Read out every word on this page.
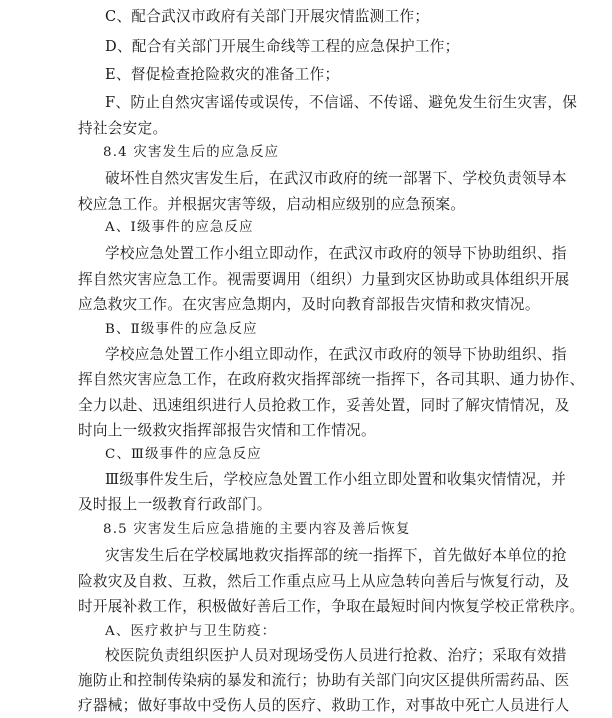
C、配合武汉市政府有关部门开展灾情监测工作；
D、配合有关部门开展生命线等工程的应急保护工作；
E、督促检查抢险救灾的准备工作；
F、防止自然灾害谣传或误传，不信谣、不传谣、避免发生衍生灾害，保
持社会安定。
8.4 灾害发生后的应急反应
破坏性自然灾害发生后，在武汉市政府的统一部署下、学校负责领导本
校应急工作。并根据灾害等级，启动相应级别的应急预案。
A、I级事件的应急反应
学校应急处置工作小组立即动作，在武汉市政府的领导下协助组织、指
挥自然灾害应急工作。视需要调用（组织）力量到灾区协助或具体组织开展
应急救灾工作。在灾害应急期内，及时向教育部报告灾情和救灾情况。
B、Ⅱ级事件的应急反应
学校应急处置工作小组立即动作，在武汉市政府的领导下协助组织、指
挥自然灾害应急工作，在政府救灾指挥部统一指挥下，各司其职、通力协作、
全力以赴、迅速组织进行人员抢救工作，妥善处置，同时了解灾情情况，及
时向上一级救灾指挥部报告灾情和工作情况。
C、Ⅲ级事件的应急反应
Ⅲ级事件发生后，学校应急处置工作小组立即处置和收集灾情情况，并
及时报上一级教育行政部门。
8.5 灾害发生后应急措施的主要内容及善后恢复
灾害发生后在学校属地救灾指挥部的统一指挥下，首先做好本单位的抢
险救灾及自救、互救，然后工作重点应马上从应急转向善后与恢复行动，及
时开展补救工作，积极做好善后工作，争取在最短时间内恢复学校正常秩序。
A、医疗救护与卫生防疫：
校医院负责组织医护人员对现场受伤人员进行抢救、治疗；采取有效措
施防止和控制传染病的暴发和流行；协助有关部门向灾区提供所需药品、医
疗器械；做好事故中受伤人员的医疗、救助工作，对事故中死亡人员进行人
